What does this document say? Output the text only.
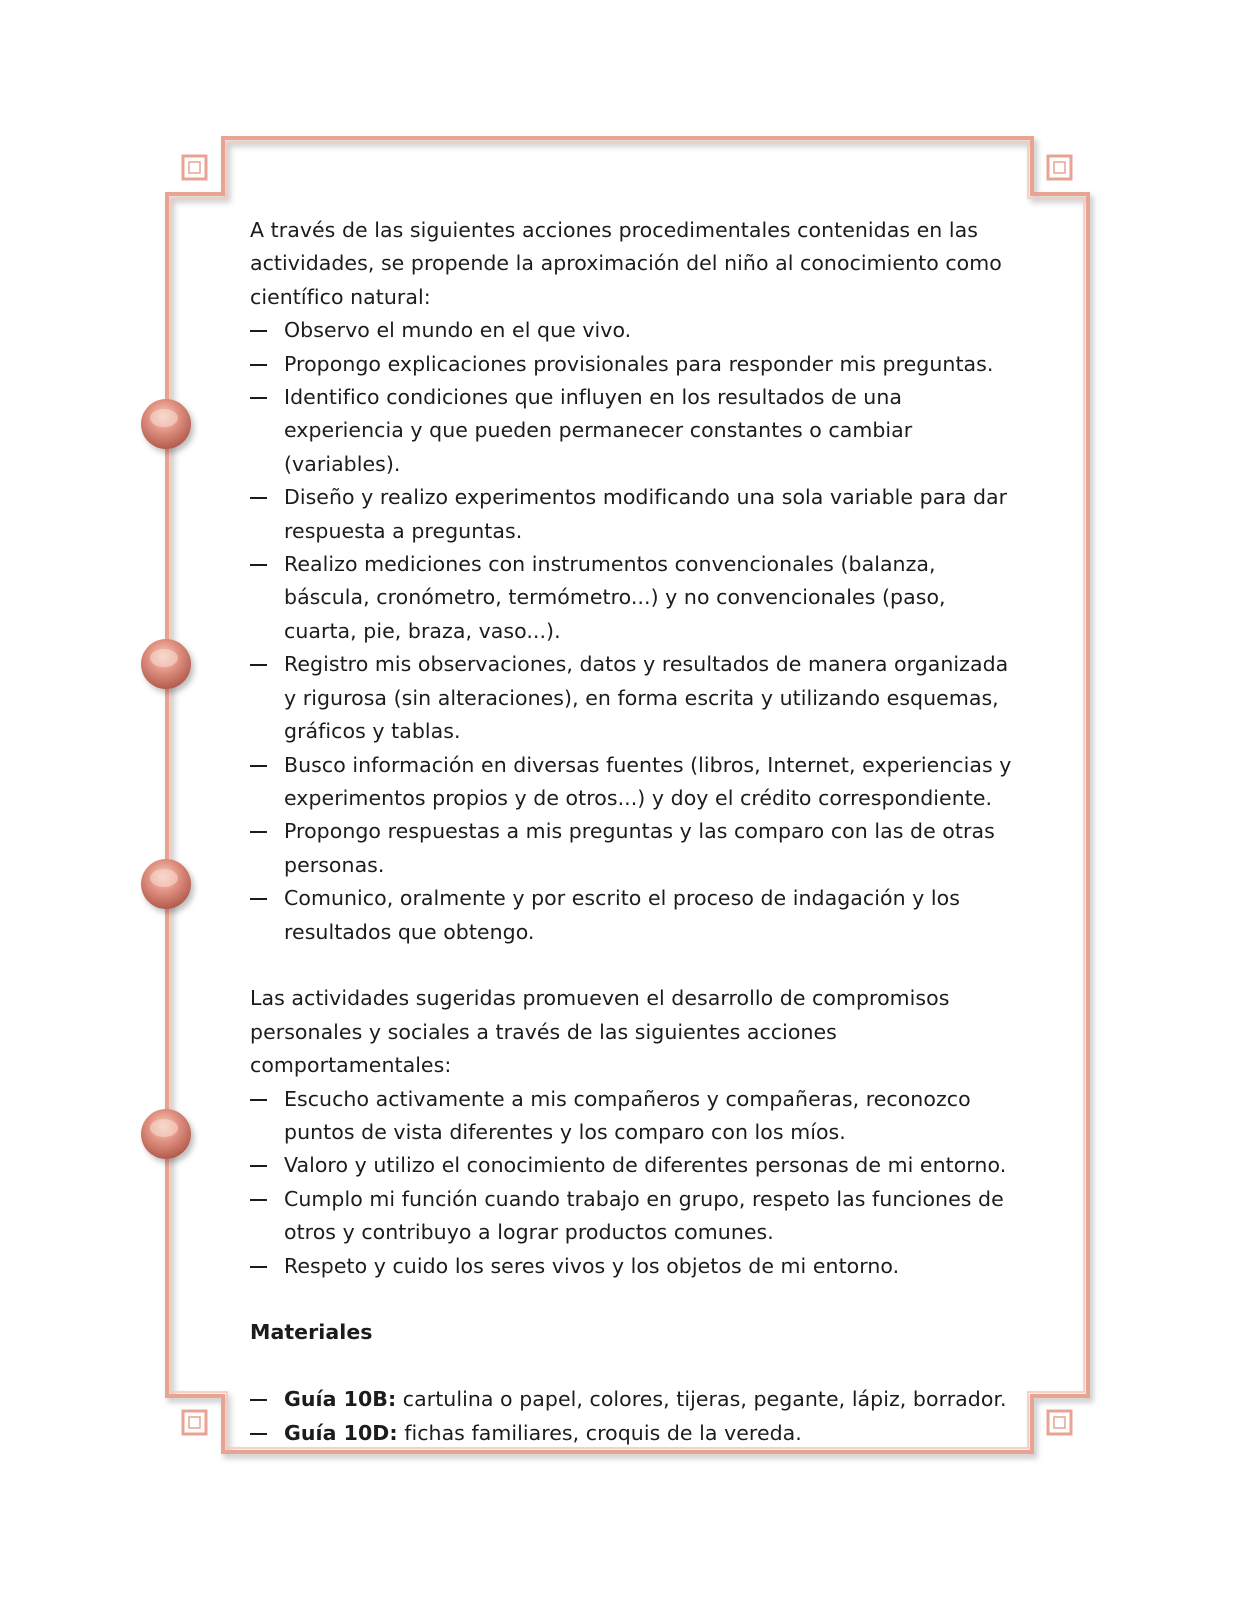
A través de las siguientes acciones procedimentales contenidas en las actividades, se propende la aproximación del niño al conocimiento como científico natural:

Observo el mundo en el que vivo.
Propongo explicaciones provisionales para responder mis preguntas.
Identifico condiciones que influyen en los resultados de una experiencia y que pueden permanecer constantes o cambiar (variables).
Diseño y realizo experimentos modificando una sola variable para dar respuesta a preguntas.
Realizo mediciones con instrumentos convencionales (balanza, báscula, cronómetro, termómetro...) y no convencionales (paso, cuarta, pie, braza, vaso...).
Registro mis observaciones, datos y resultados de manera organizada y rigurosa (sin alteraciones), en forma escrita y utilizando esquemas, gráficos y tablas.
Busco información en diversas fuentes (libros, Internet, experiencias y experimentos propios y de otros...) y doy el crédito correspondiente.
Propongo respuestas a mis preguntas y las comparo con las de otras personas.
Comunico, oralmente y por escrito el proceso de indagación y los resultados que obtengo.

Las actividades sugeridas promueven el desarrollo de compromisos personales y sociales a través de las siguientes acciones comportamentales:

Escucho activamente a mis compañeros y compañeras, reconozco puntos de vista diferentes y los comparo con los míos.
Valoro y utilizo el conocimiento de diferentes personas de mi entorno.
Cumplo mi función cuando trabajo en grupo, respeto las funciones de otros y contribuyo a lograr productos comunes.
Respeto y cuido los seres vivos y los objetos de mi entorno.

Materiales

Guía 10B: cartulina o papel, colores, tijeras, pegante, lápiz, borrador.
Guía 10D: fichas familiares, croquis de la vereda.
